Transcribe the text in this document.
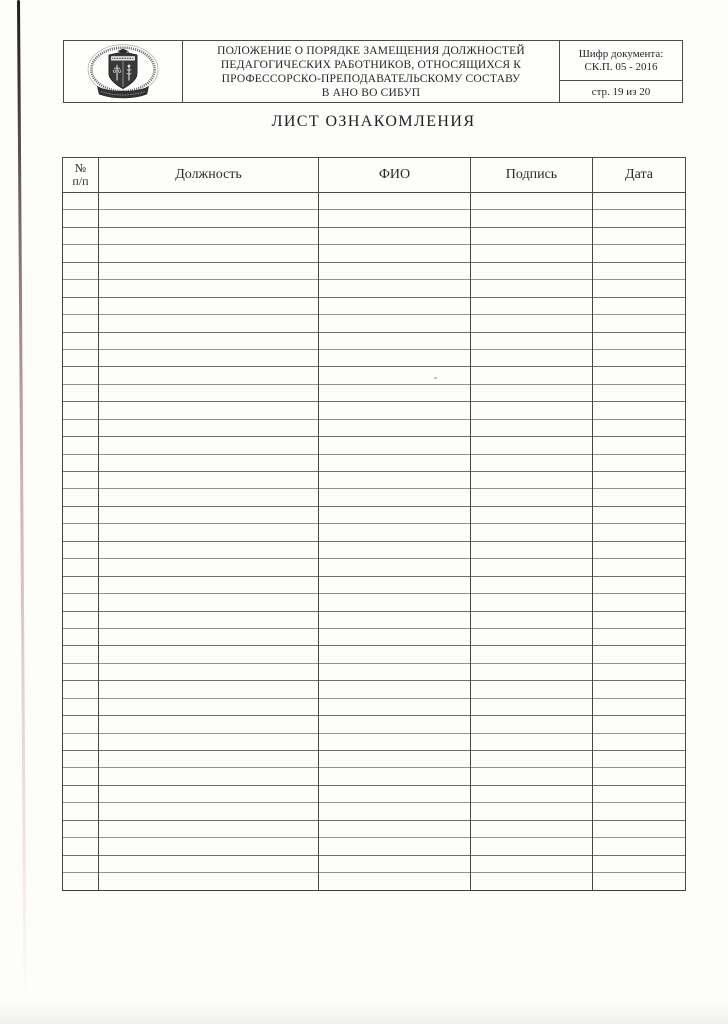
ПОЛОЖЕНИЕ О ПОРЯДКЕ ЗАМЕЩЕНИЯ ДОЛЖНОСТЕЙ
ПЕДАГОГИЧЕСКИХ РАБОТНИКОВ, ОТНОСЯЩИХСЯ К
ПРОФЕССОРСКО-ПРЕПОДАВАТЕЛЬСКОМУ СОСТАВУ
В АНО ВО СИБУП
Шифр документа:
СК.П. 05 - 2016
стр. 19 из 20
ЛИСТ ОЗНАКОМЛЕНИЯ
№
п/п	Должность	ФИО	Подпись	Дата
